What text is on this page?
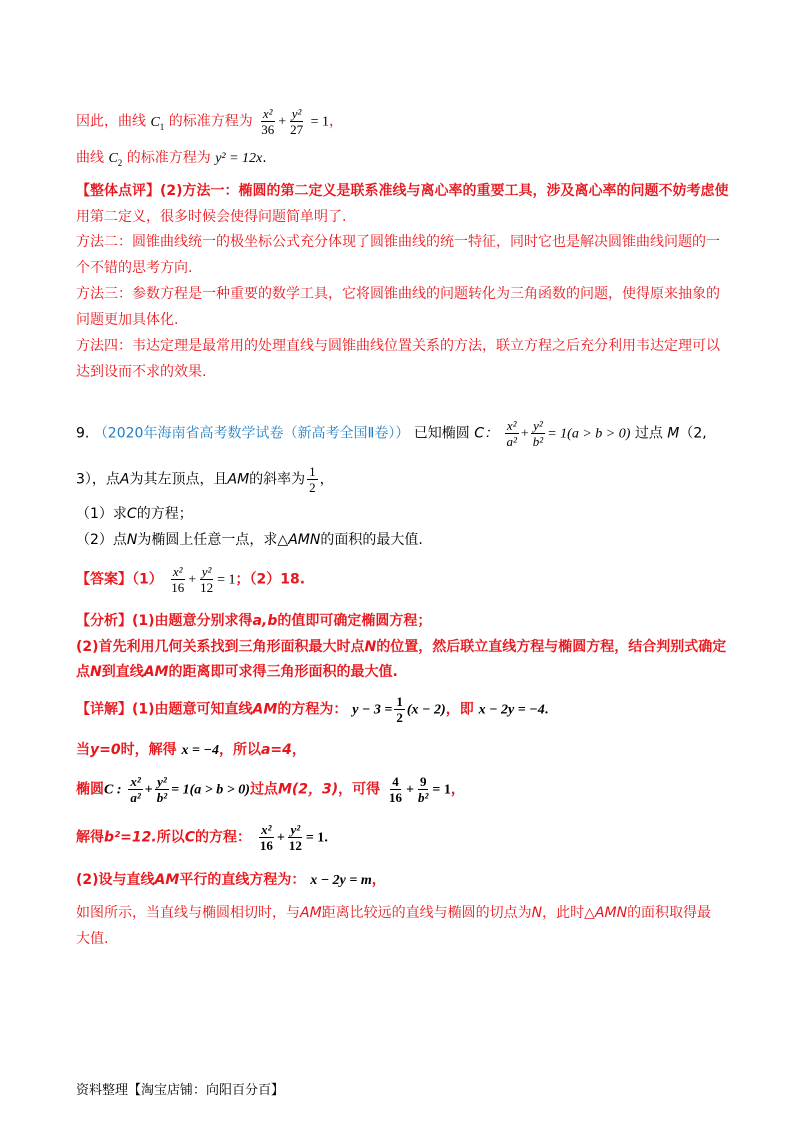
因此，曲线 $C_1$ 的标准方程为 $\frac{\text{x²}}{36} + \frac{\text{y²}}{27} = 1$，
曲线 $C_2$ 的标准方程为 y² = 12x.
【整体点评】(2)方法一：椭圆的第二定义是联系准线与离心率的重要工具，涉及离心率的问题不妨考虑使
用第二定义，很多时候会使得问题简单明了.
方法二：圆锥曲线统一的极坐标公式充分体现了圆锥曲线的统一特征，同时它也是解决圆锥曲线问题的一
个不错的思考方向.
方法三：参数方程是一种重要的数学工具，它将圆锥曲线的问题转化为三角函数的问题，使得原来抽象的
问题更加具体化.
方法四：韦达定理是最常用的处理直线与圆锥曲线位置关系的方法，联立方程之后充分利用韦达定理可以
达到设而不求的效果.
9. （2020年海南省高考数学试卷（新高考全国Ⅱ卷）） 已知椭圆 C： $\frac{\text{x²}}{\text{a²}} + \frac{\text{y²}}{\text{b²}} = 1(a > b > 0)$ 过点 M（2,
3），点A为其左顶点，且AM的斜率为 $\frac{1}{2}$ ，
（1）求C的方程；
（2）点N为椭圆上任意一点，求△AMN的面积的最大值.
【答案】$(1) \frac{\text{x²}}{16} + \frac{\text{y²}}{12} = 1$；（2）18.
【分析】(1)由题意分别求得a,b的值即可确定椭圆方程；
(2)首先利用几何关系找到三角形面积最大时点N的位置，然后联立直线方程与椭圆方程，结合判别式确定
点N到直线AM的距离即可求得三角形面积的最大值.
【详解】(1)由题意可知直线AM的方程为： $y - 3 = \frac{1}{2} (x - 2)$，即 x − 2y = −4.
当y=0时，解得 x = −4，所以a=4，
椭圆C : $\frac{\text{x²}}{\text{a²}} + \frac{\text{y²}}{\text{b²}} = 1(a > b > 0)$过点M(2，3)，可得 $\frac{4}{16} + \frac{9}{\text{b²}} = 1$，
解得b²=12.所以C的方程： $\frac{\text{x²}}{16} + \frac{\text{y²}}{12} = 1$.
(2)设与直线AM平行的直线方程为： x − 2y = m，
如图所示，当直线与椭圆相切时，与AM距离比较远的直线与椭圆的切点为N，此时△AMN的面积取得最
大值.
资料整理【淘宝店铺：向阳百分百】
